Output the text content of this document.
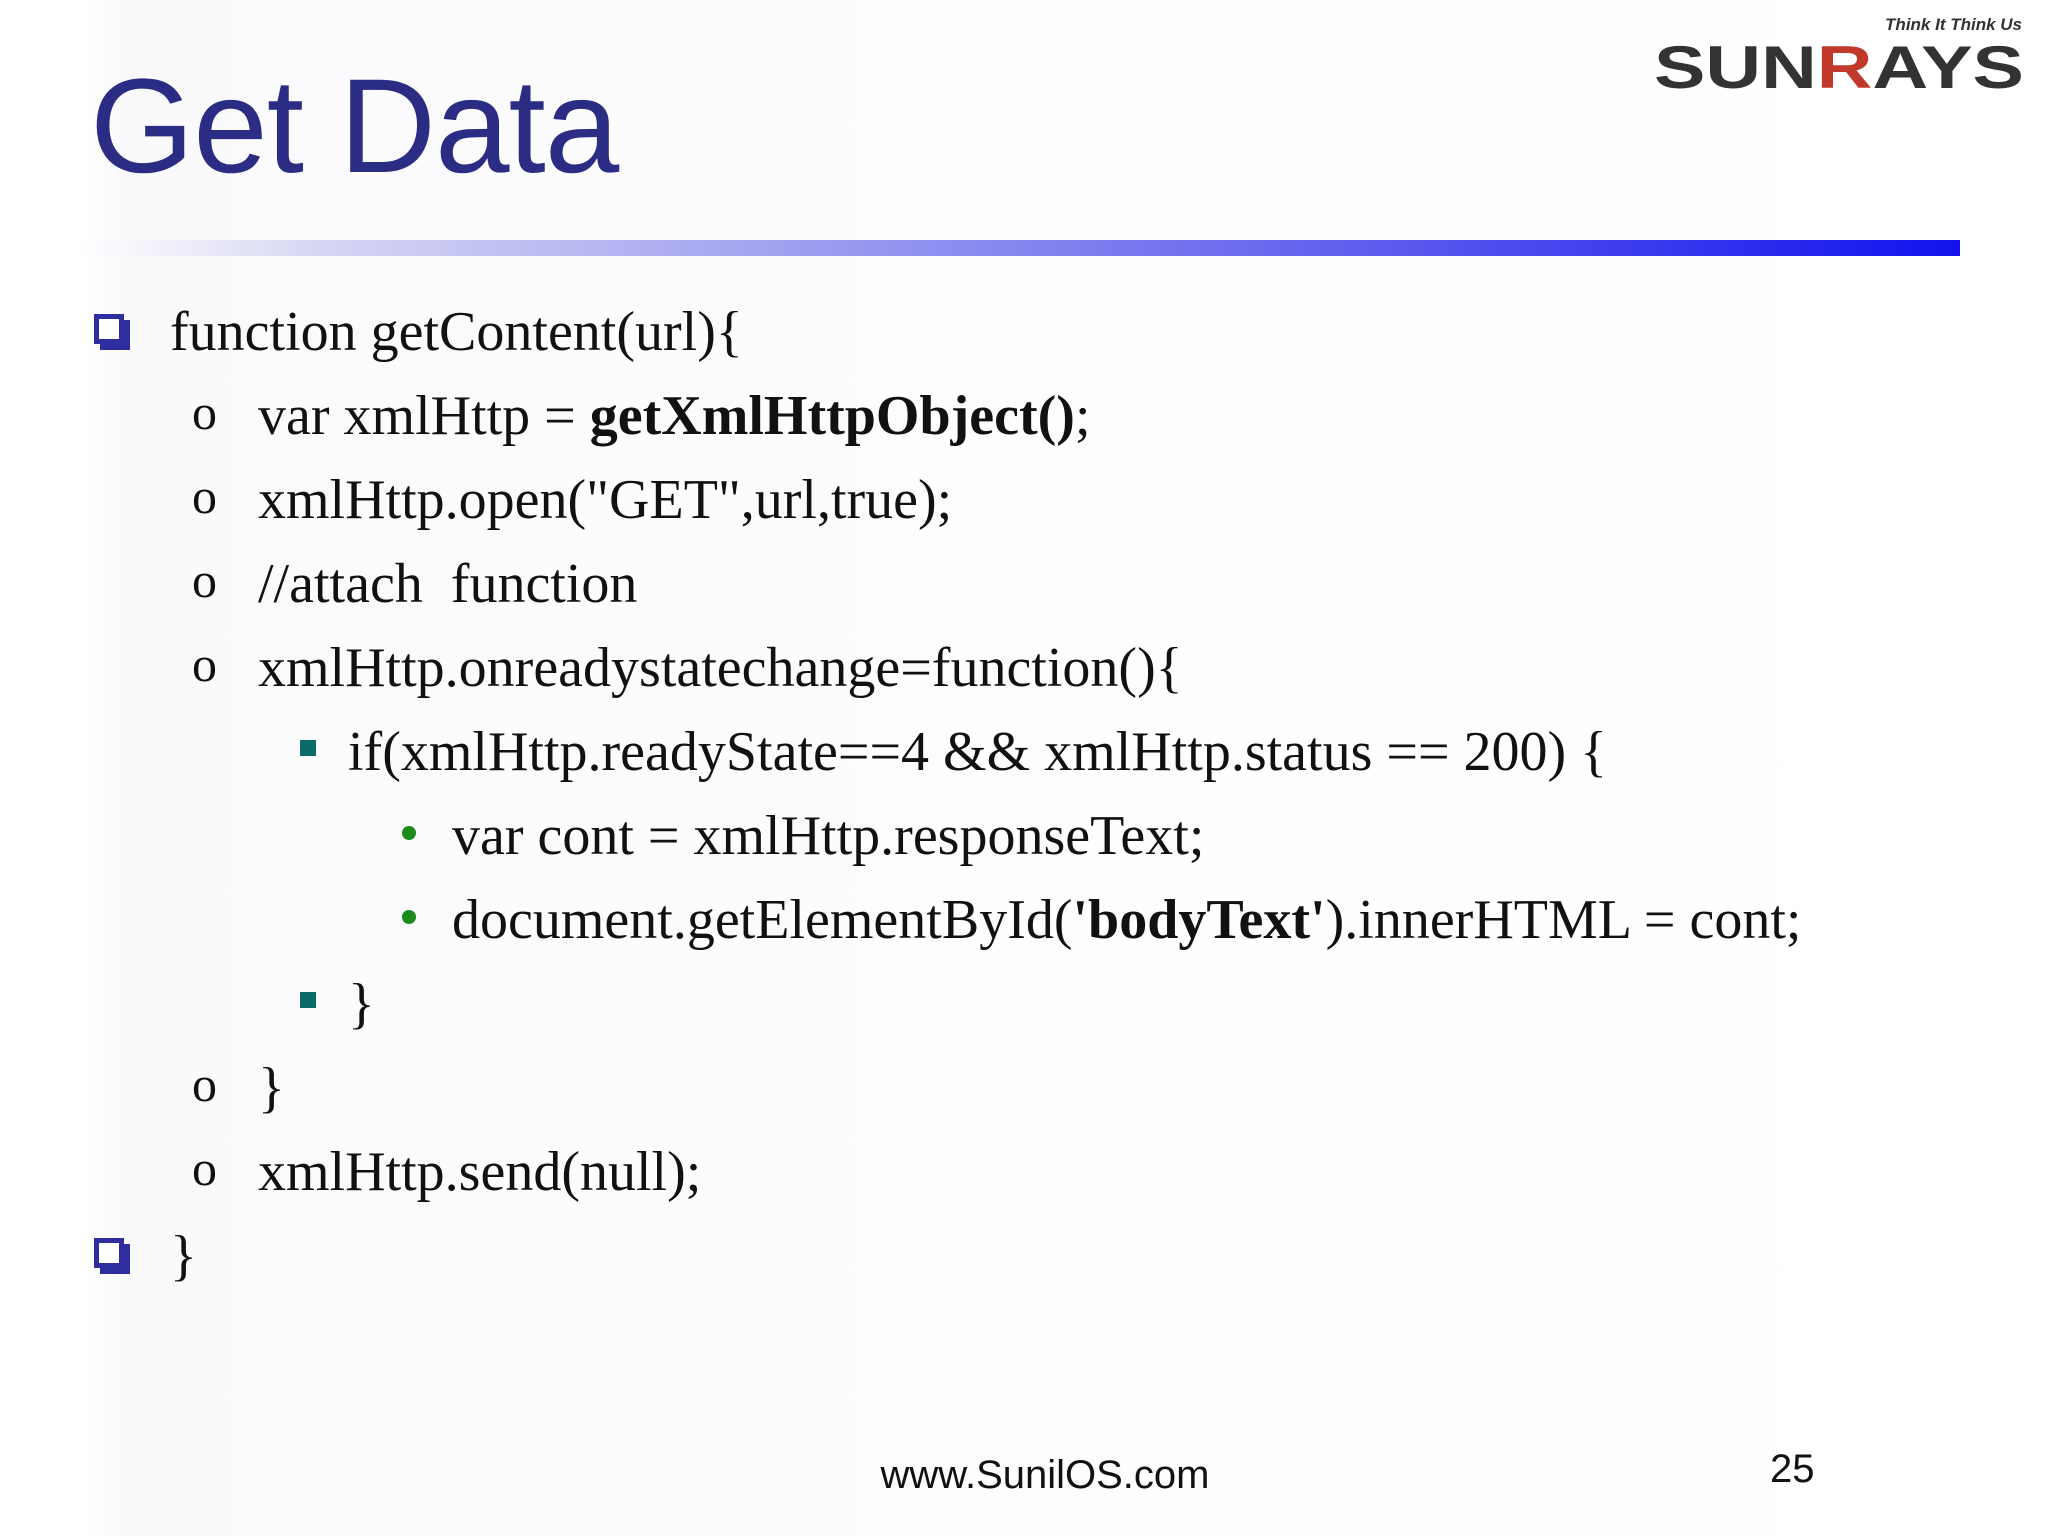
Get Data
Think It Think Us
SUN R AYS
function getContent(url){
o var xmlHttp = getXmlHttpObject();
o xmlHttp.open("GET",url,true);
o //attach  function
o xmlHttp.onreadystatechange=function(){
if(xmlHttp.readyState==4 && xmlHttp.status == 200) {
var cont = xmlHttp.responseText;
document.getElementById('bodyText').innerHTML = cont;
}
o }
o xmlHttp.send(null);
}
www.SunilOS.com	25
